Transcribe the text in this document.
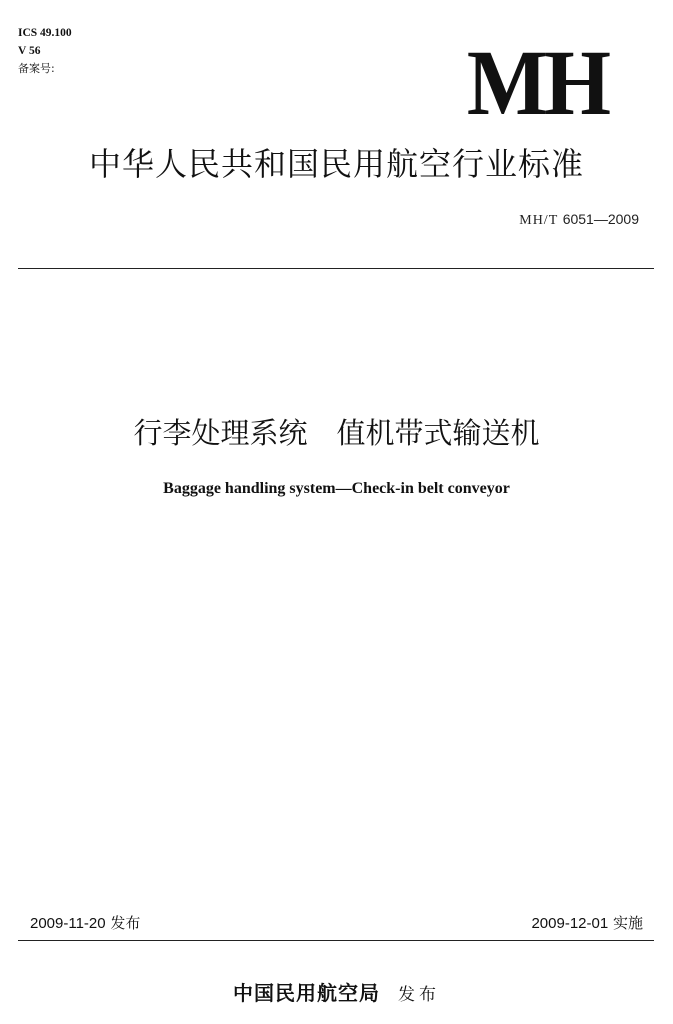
ICS 49.100
V 56
备案号:	MH
中华人民共和国民用航空行业标准
MH/T 6051—2009
行李处理系统　值机带式输送机
Baggage handling system—Check-in belt conveyor
2009-11-20 发布	2009-12-01 实施
中国民用航空局 发布
